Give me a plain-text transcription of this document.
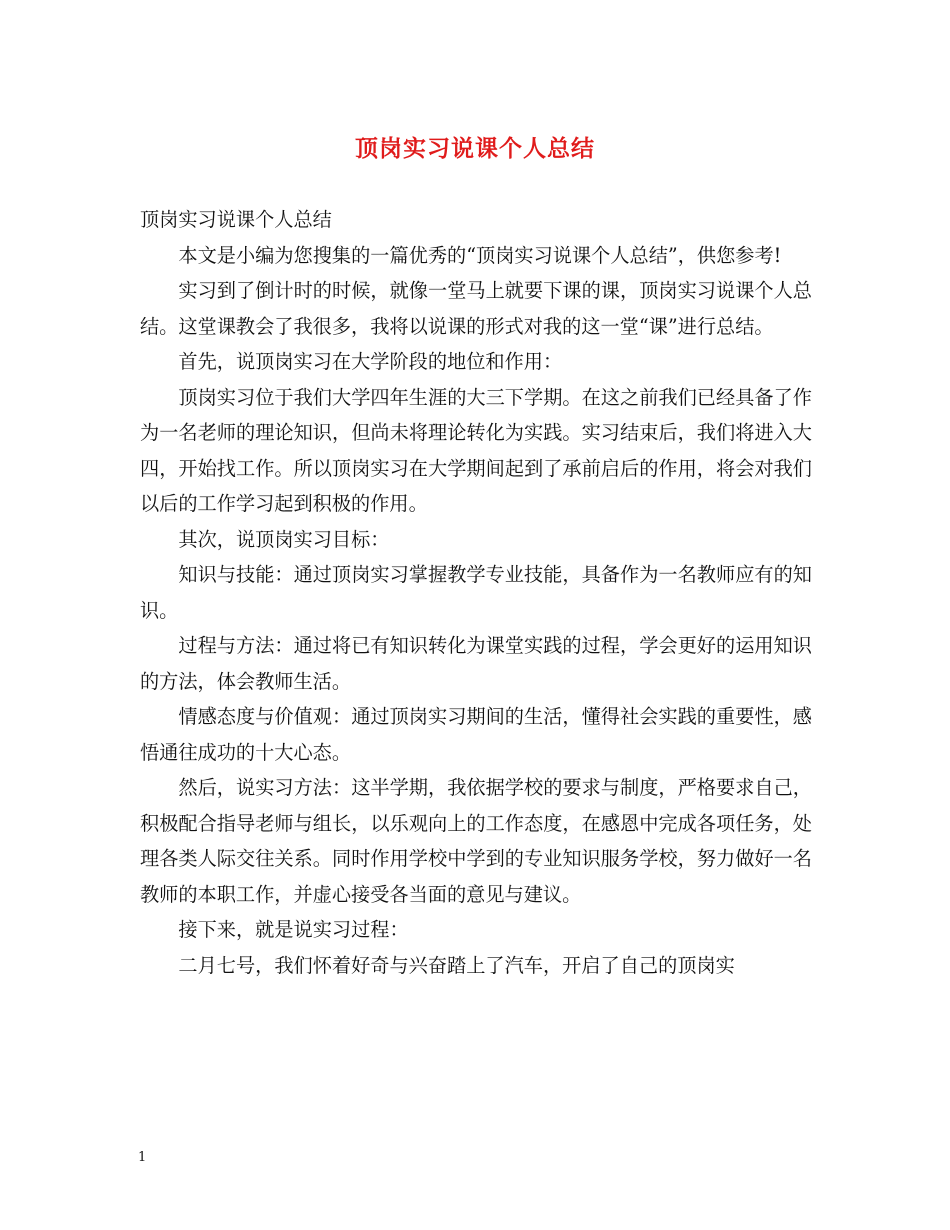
顶岗实习说课个人总结

顶岗实习说课个人总结

本文是小编为您搜集的一篇优秀的“顶岗实习说课个人总结”，供您参考!

实习到了倒计时的时候，就像一堂马上就要下课的课，顶岗实习说课个人总结。这堂课教会了我很多，我将以说课的形式对我的这一堂“课”进行总结。

首先，说顶岗实习在大学阶段的地位和作用：

顶岗实习位于我们大学四年生涯的大三下学期。在这之前我们已经具备了作为一名老师的理论知识，但尚未将理论转化为实践。实习结束后，我们将进入大四，开始找工作。所以顶岗实习在大学期间起到了承前启后的作用，将会对我们以后的工作学习起到积极的作用。

其次，说顶岗实习目标：

知识与技能：通过顶岗实习掌握教学专业技能，具备作为一名教师应有的知识。

过程与方法：通过将已有知识转化为课堂实践的过程，学会更好的运用知识的方法，体会教师生活。

情感态度与价值观：通过顶岗实习期间的生活，懂得社会实践的重要性，感悟通往成功的十大心态。

然后，说实习方法：这半学期，我依据学校的要求与制度，严格要求自己，积极配合指导老师与组长，以乐观向上的工作态度，在感恩中完成各项任务，处理各类人际交往关系。同时作用学校中学到的专业知识服务学校，努力做好一名教师的本职工作，并虚心接受各当面的意见与建议。

接下来，就是说实习过程：

二月七号，我们怀着好奇与兴奋踏上了汽车，开启了自己的顶岗实

1
